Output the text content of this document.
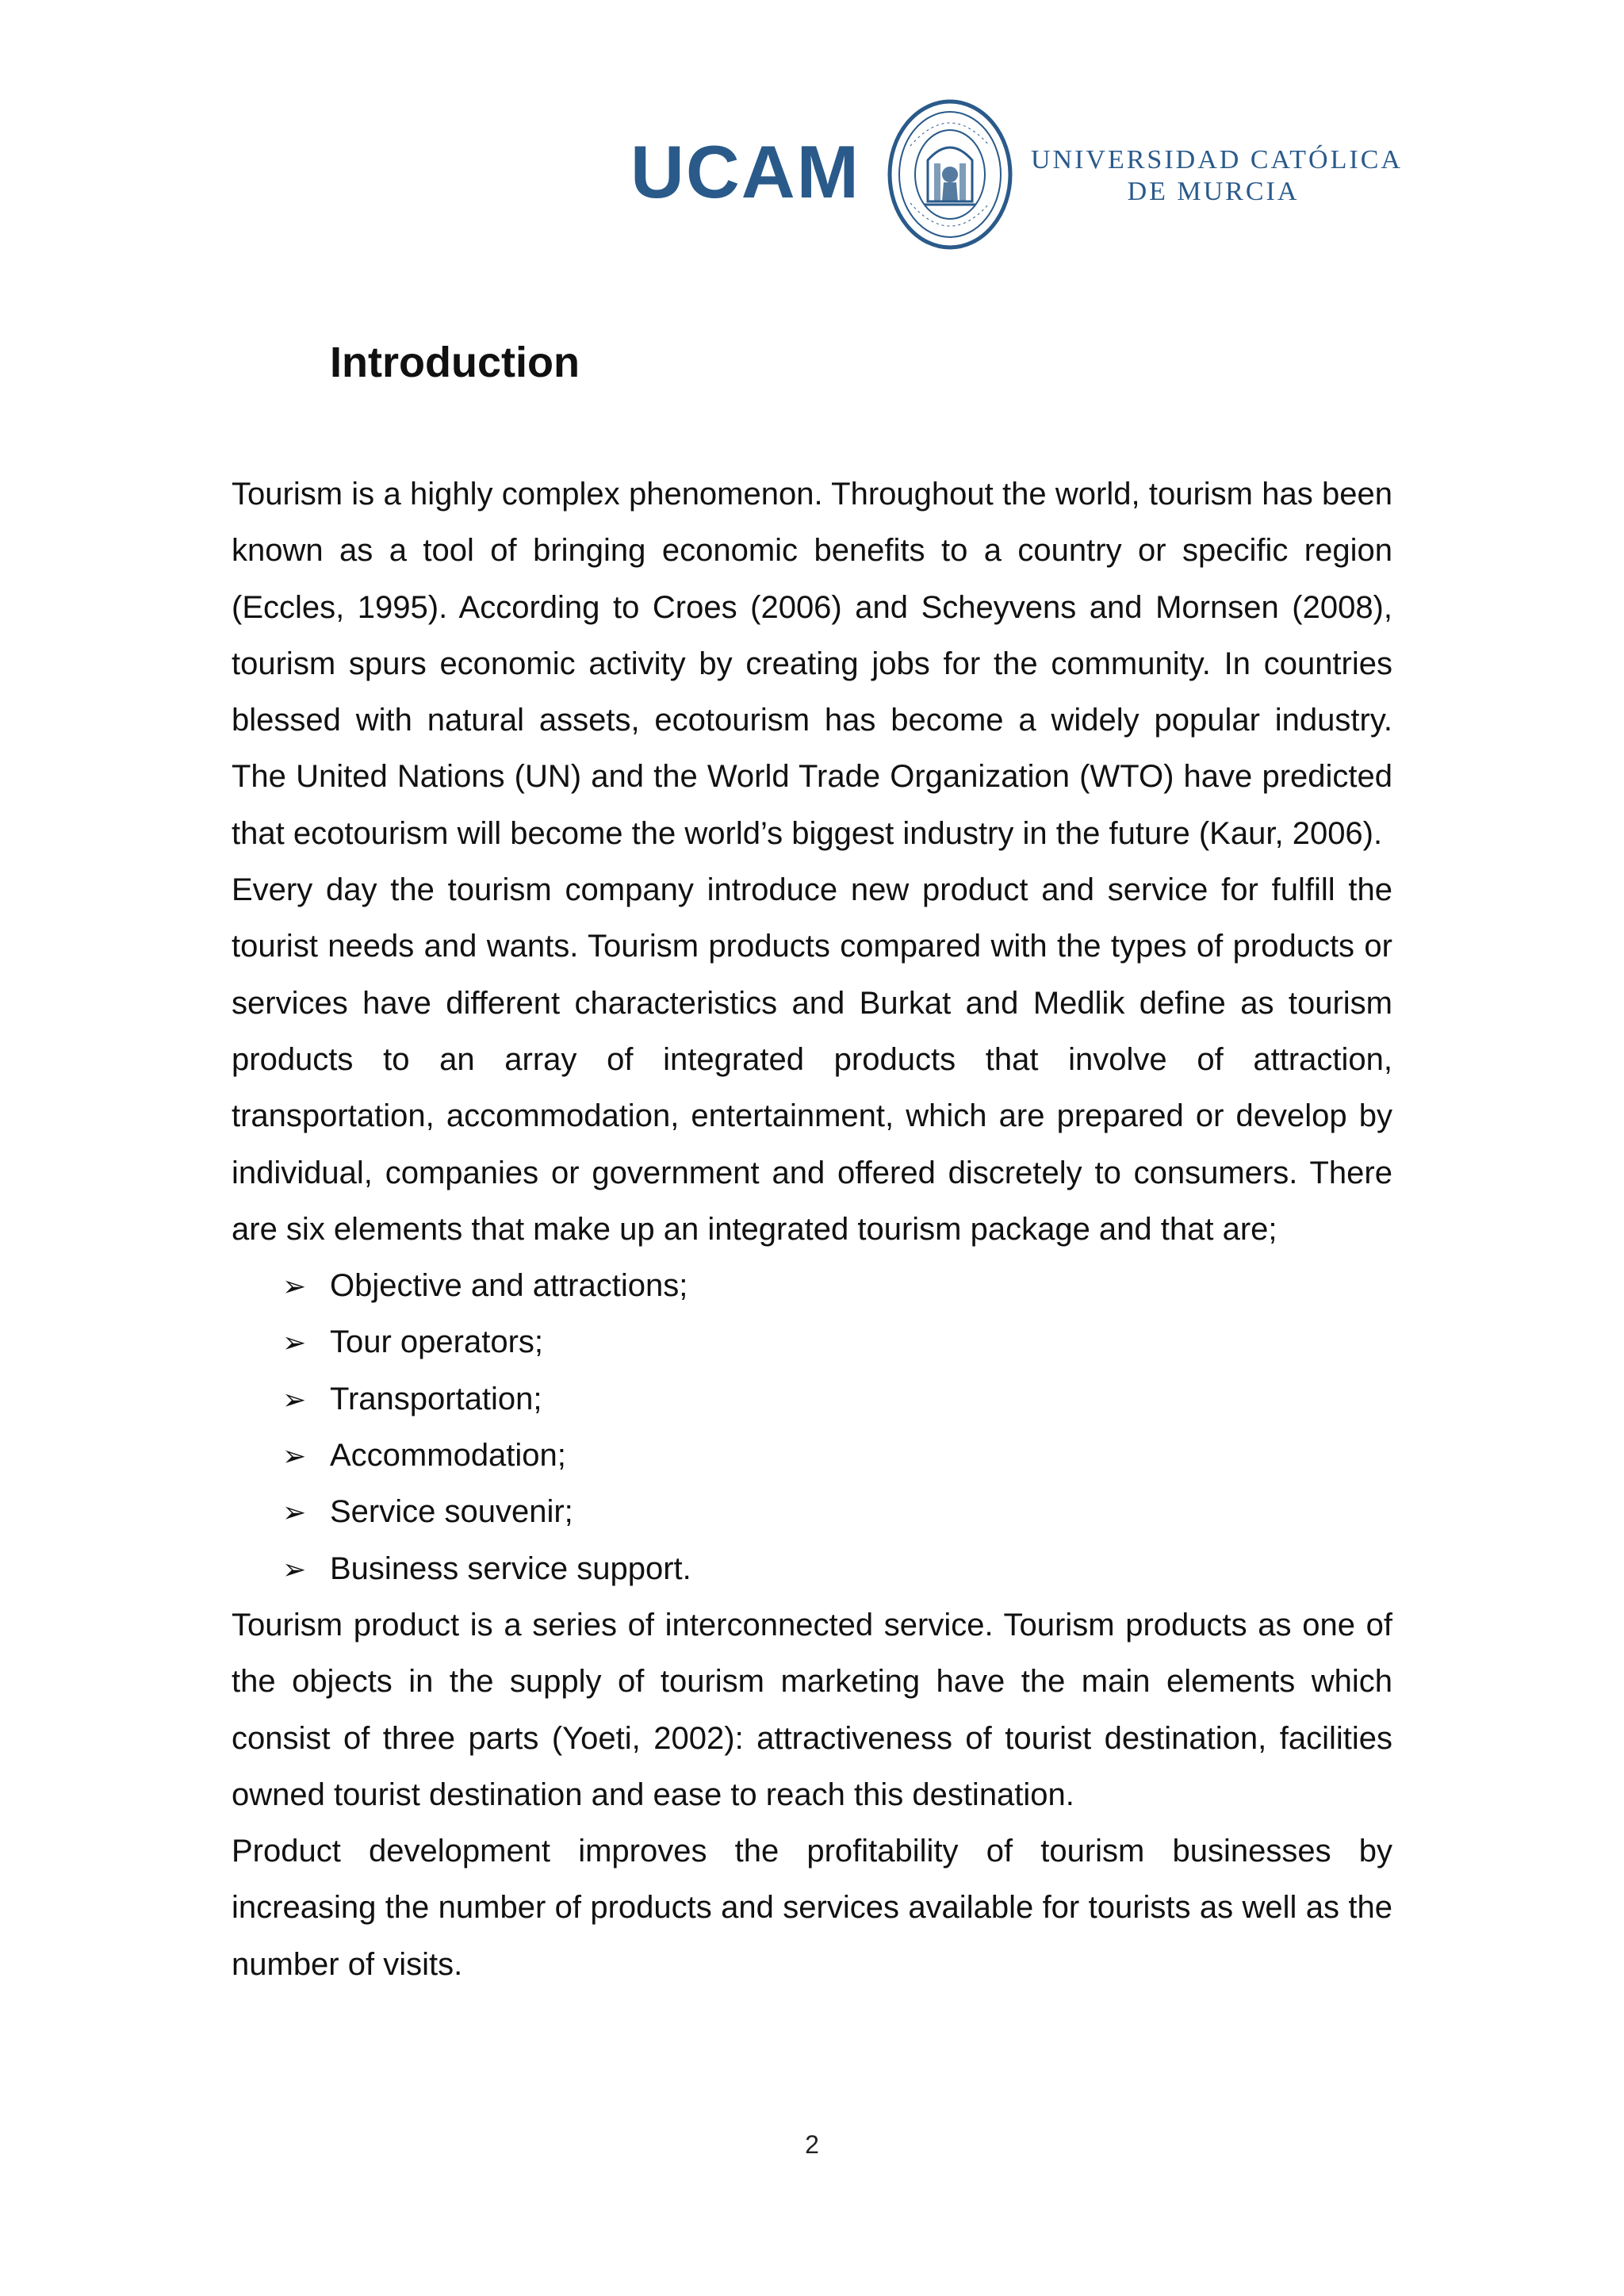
UCAM	UNIVERSIDAD CATÓLICA
DE MURCIA
Introduction

Tourism is a highly complex phenomenon. Throughout the world, tourism has been known as a tool of bringing economic benefits to a country or specific region (Eccles, 1995). According to Croes (2006) and Scheyvens and Mornsen (2008), tourism spurs economic activity by creating jobs for the community. In countries blessed with natural assets, ecotourism has become a widely popular industry. The United Nations (UN) and the World Trade Organization (WTO) have predicted that ecotourism will become the world’s biggest industry in the future (Kaur, 2006).

Every day the tourism company introduce new product and service for fulfill the tourist needs and wants. Tourism products compared with the types of products or services have different characteristics and Burkat and Medlik define as tourism products to an array of integrated products that involve of attraction, transportation, accommodation, entertainment, which are prepared or develop by individual, companies or government and offered discretely to consumers. There are six elements that make up an integrated tourism package and that are;

➢ Objective and attractions;
➢ Tour operators;
➢ Transportation;
➢ Accommodation;
➢ Service souvenir;
➢ Business service support.

Tourism product is a series of interconnected service. Tourism products as one of the objects in the supply of tourism marketing have the main elements which consist of three parts (Yoeti, 2002): attractiveness of tourist destination, facilities owned tourist destination and ease to reach this destination.

Product development improves the profitability of tourism businesses by increasing the number of products and services available for tourists as well as the number of visits.

2
